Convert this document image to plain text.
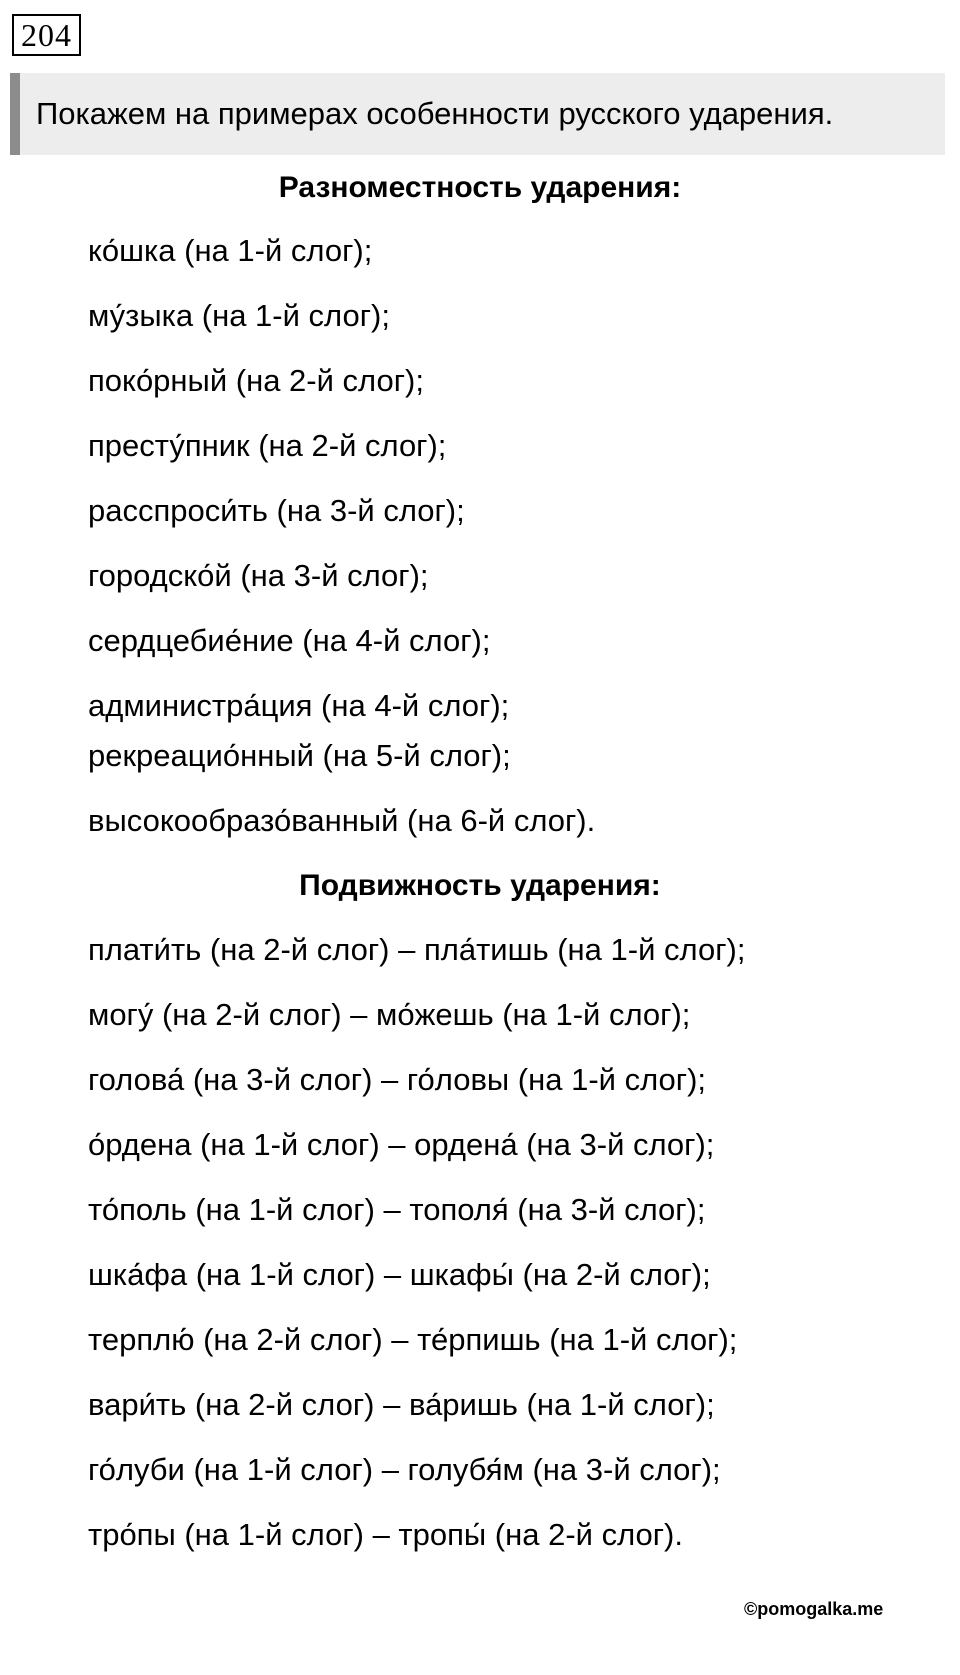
204
Покажем на примерах особенности русского ударения.
Разноместность ударения:
ко́шка (на 1-й слог);
му́зыка (на 1-й слог);
поко́рный (на 2-й слог);
престу́пник (на 2-й слог);
расспроси́ть (на 3-й слог);
городско́й (на 3-й слог);
сердцебие́ние (на 4-й слог);
администра́ция (на 4-й слог);
рекреацио́нный (на 5-й слог);
высокообразо́ванный (на 6-й слог).
Подвижность ударения:
плати́ть (на 2-й слог) – пла́тишь (на 1-й слог);
могу́ (на 2-й слог) – мо́жешь (на 1-й слог);
голова́ (на 3-й слог) – го́ловы (на 1-й слог);
о́рдена (на 1-й слог) – ордена́ (на 3-й слог);
то́поль (на 1-й слог) – тополя́ (на 3-й слог);
шка́фа (на 1-й слог) – шкафы́ (на 2-й слог);
терплю́ (на 2-й слог) – те́рпишь (на 1-й слог);
вари́ть (на 2-й слог) – ва́ришь (на 1-й слог);
го́луби (на 1-й слог) – голубя́м (на 3-й слог);
тро́пы (на 1-й слог) – тропы́ (на 2-й слог).
©pomogalka.me
